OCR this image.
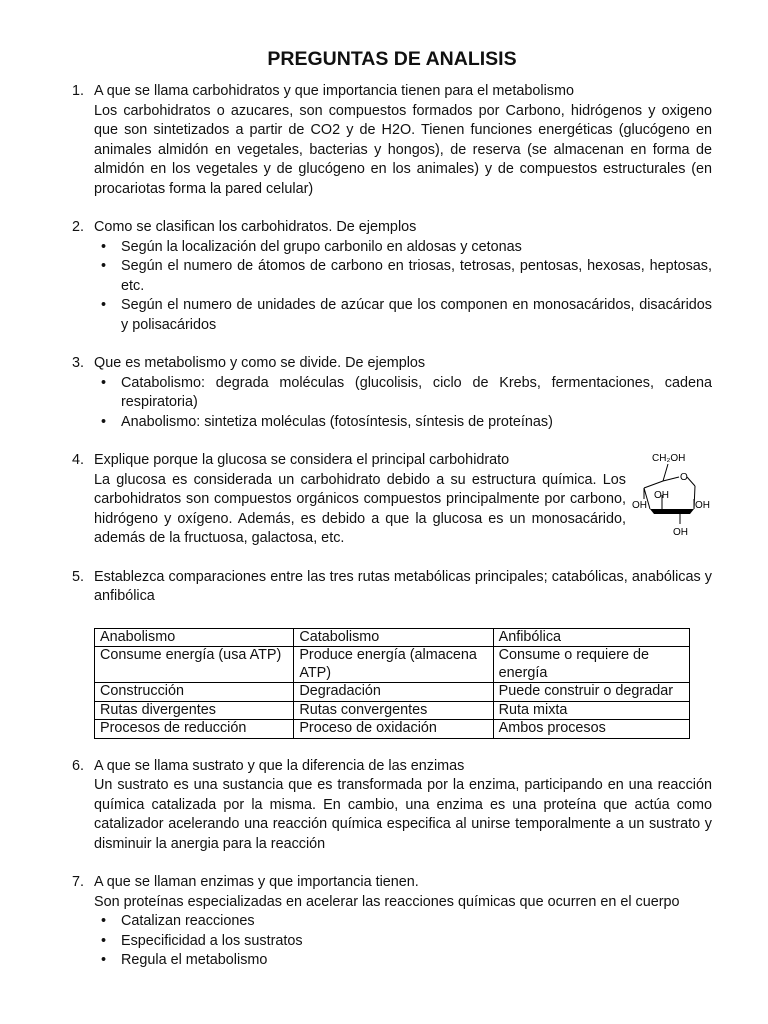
PREGUNTAS DE ANALISIS
1. A que se llama carbohidratos y que importancia tienen para el metabolismo
Los carbohidratos o azucares, son compuestos formados por Carbono, hidrógenos y oxigeno que son sintetizados a partir de CO2 y de H2O. Tienen funciones energéticas (glucógeno en animales almidón en vegetales, bacterias y hongos), de reserva (se almacenan en forma de almidón en los vegetales y de glucógeno en los animales) y de compuestos estructurales (en procariotas forma la pared celular)
2. Como se clasifican los carbohidratos. De ejemplos
• Según la localización del grupo carbonilo en aldosas y cetonas
• Según el numero de átomos de carbono en triosas, tetrosas, pentosas, hexosas, heptosas, etc.
• Según el numero de unidades de azúcar que los componen en monosacáridos, disacáridos y polisacáridos
3. Que es metabolismo y como se divide. De ejemplos
• Catabolismo: degrada moléculas (glucolisis, ciclo de Krebs, fermentaciones, cadena respiratoria)
• Anabolismo: sintetiza moléculas (fotosíntesis, síntesis de proteínas)
4. Explique porque la glucosa se considera el principal carbohidrato
La glucosa es considerada un carbohidrato debido a su estructura química. Los carbohidratos son compuestos orgánicos compuestos principalmente por carbono, hidrógeno y oxígeno. Además, es debido a que la glucosa es un monosacárido, además de la fructuosa, galactosa, etc.
CH₂OH
O
OH
OH
OH
OH
5. Establezca comparaciones entre las tres rutas metabólicas principales; catabólicas, anabólicas y anfibólica
Anabolismo	Catabolismo	Anfibólica
Consume energía (usa ATP)	Produce energía (almacena ATP)	Consume o requiere de energía
Construcción	Degradación	Puede construir o degradar
Rutas divergentes	Rutas convergentes	Ruta mixta
Procesos de reducción	Proceso de oxidación	Ambos procesos
6. A que se llama sustrato y que la diferencia de las enzimas
Un sustrato es una sustancia que es transformada por la enzima, participando en una reacción química catalizada por la misma. En cambio, una enzima es una proteína que actúa como catalizador acelerando una reacción química especifica al unirse temporalmente a un sustrato y disminuir la anergia para la reacción
7. A que se llaman enzimas y que importancia tienen.
Son proteínas especializadas en acelerar las reacciones químicas que ocurren en el cuerpo
• Catalizan reacciones
• Especificidad a los sustratos
• Regula el metabolismo
